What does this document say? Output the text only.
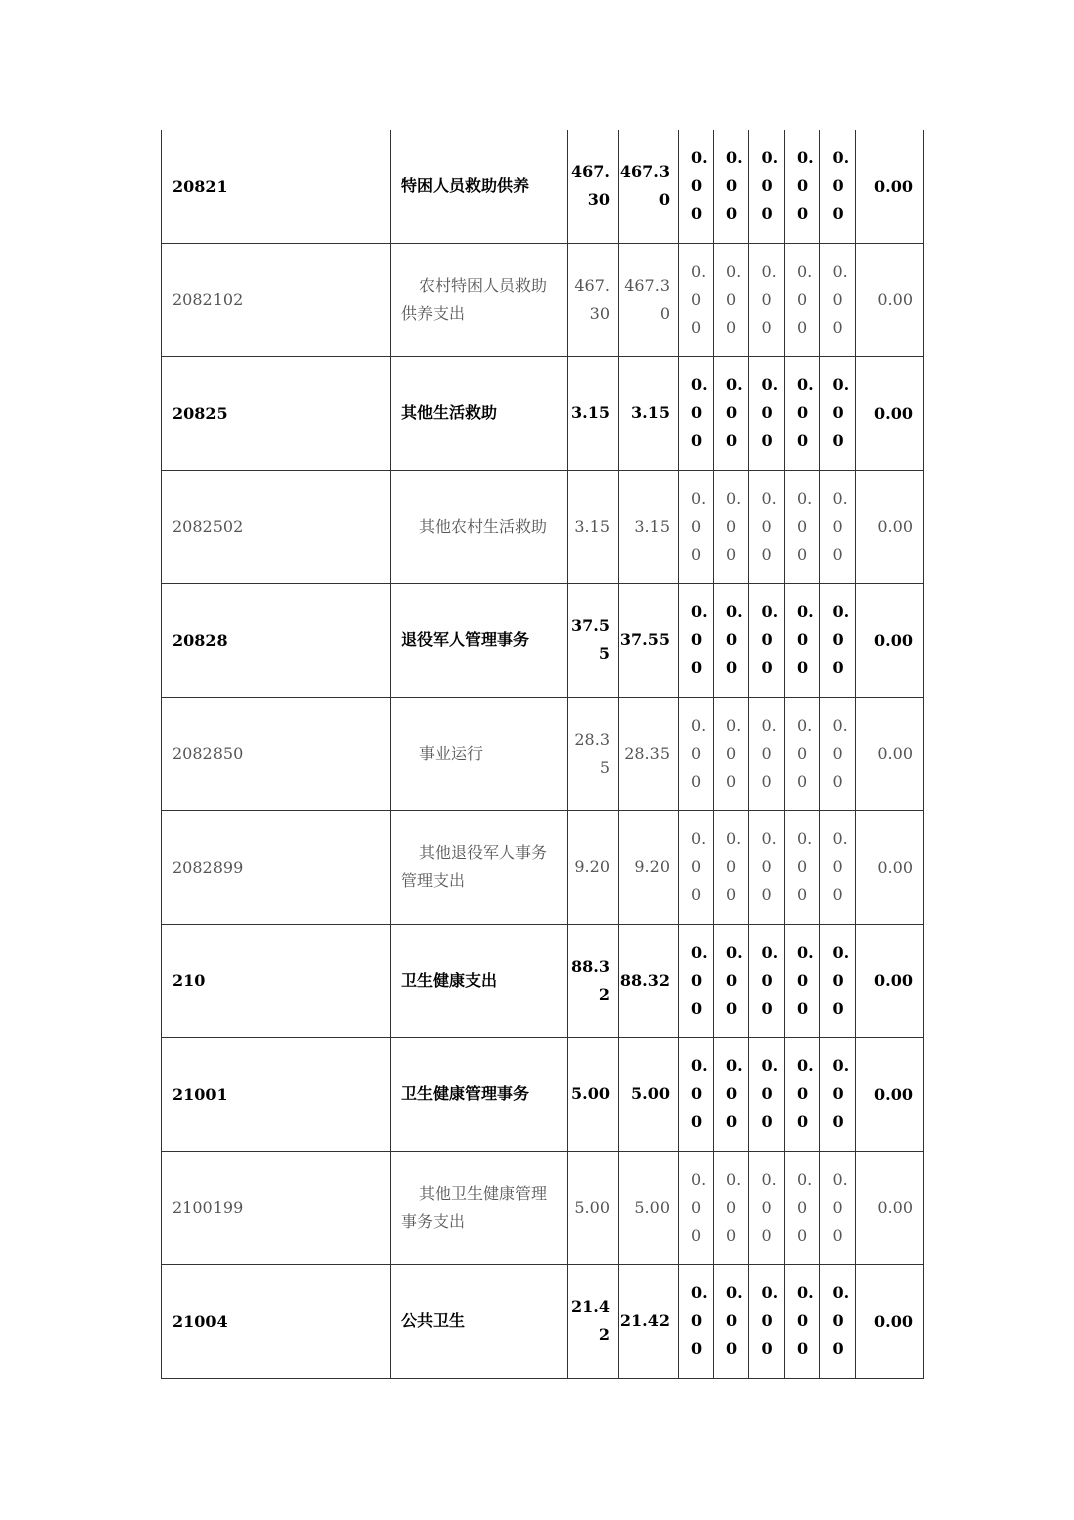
20821	特困人员救助供养	467.30	467.30	0.00	0.00	0.00	0.00	0.00	0.00
2082102	农村特困人员救助供养支出	467.30	467.30	0.00	0.00	0.00	0.00	0.00	0.00
20825	其他生活救助	3.15	3.15	0.00	0.00	0.00	0.00	0.00	0.00
2082502	其他农村生活救助	3.15	3.15	0.00	0.00	0.00	0.00	0.00	0.00
20828	退役军人管理事务	37.55	37.55	0.00	0.00	0.00	0.00	0.00	0.00
2082850	事业运行	28.35	28.35	0.00	0.00	0.00	0.00	0.00	0.00
2082899	其他退役军人事务管理支出	9.20	9.20	0.00	0.00	0.00	0.00	0.00	0.00
210	卫生健康支出	88.32	88.32	0.00	0.00	0.00	0.00	0.00	0.00
21001	卫生健康管理事务	5.00	5.00	0.00	0.00	0.00	0.00	0.00	0.00
2100199	其他卫生健康管理事务支出	5.00	5.00	0.00	0.00	0.00	0.00	0.00	0.00
21004	公共卫生	21.42	21.42	0.00	0.00	0.00	0.00	0.00	0.00
